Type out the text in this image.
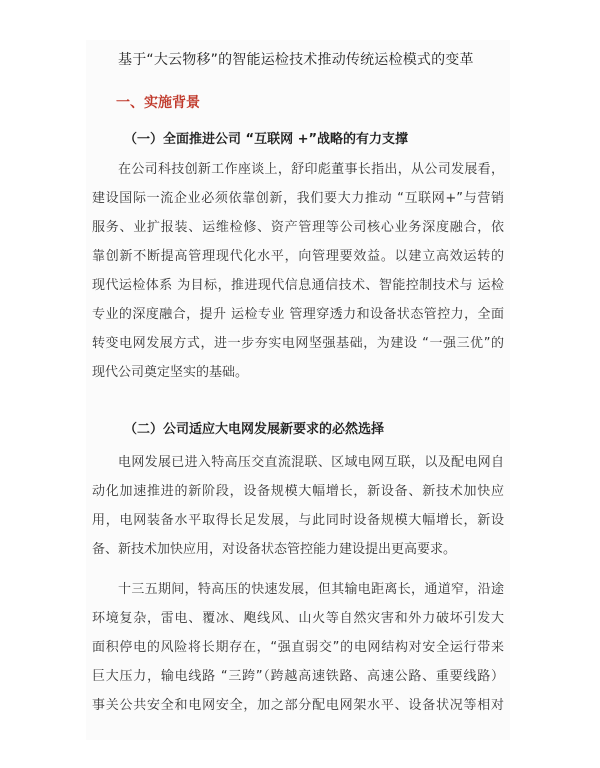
基于“大云物移”的智能运检技术推动传统运检模式的变革
一、实施背景
（一）全面推进公司 “互联网 +”战略的有力支撑
在公司科技创新工作座谈上，舒印彪董事长指出，从公司发展看，
建设国际一流企业必须依靠创新，我们要大力推动 “互联网+”与营销
服务、业扩报装、运维检修、资产管理等公司核心业务深度融合，依
靠创新不断提高管理现代化水平，向管理要效益。以建立高效运转的
现代运检体系 为目标，推进现代信息通信技术、智能控制技术与 运检
专业的深度融合，提升 运检专业 管理穿透力和设备状态管控力，全面
转变电网发展方式，进一步夯实电网坚强基础，为建设 “一强三优”的
现代公司奠定坚实的基础。
（二）公司适应大电网发展新要求的必然选择
电网发展已进入特高压交直流混联、区域电网互联，以及配电网自
动化加速推进的新阶段，设备规模大幅增长，新设备、新技术加快应
用，电网装备水平取得长足发展，与此同时设备规模大幅增长，新设
备、新技术加快应用，对设备状态管控能力建设提出更高要求。
十三五期间，特高压的快速发展，但其输电距离长，通道窄，沿途
环境复杂，雷电、覆冰、飑线风、山火等自然灾害和外力破坏引发大
面积停电的风险将长期存在，“强直弱交”的电网结构对安全运行带来
巨大压力，输电线路 “三跨”（跨越高速铁路、高速公路、重要线路）
事关公共安全和电网安全，加之部分配电网架水平、设备状况等相对
